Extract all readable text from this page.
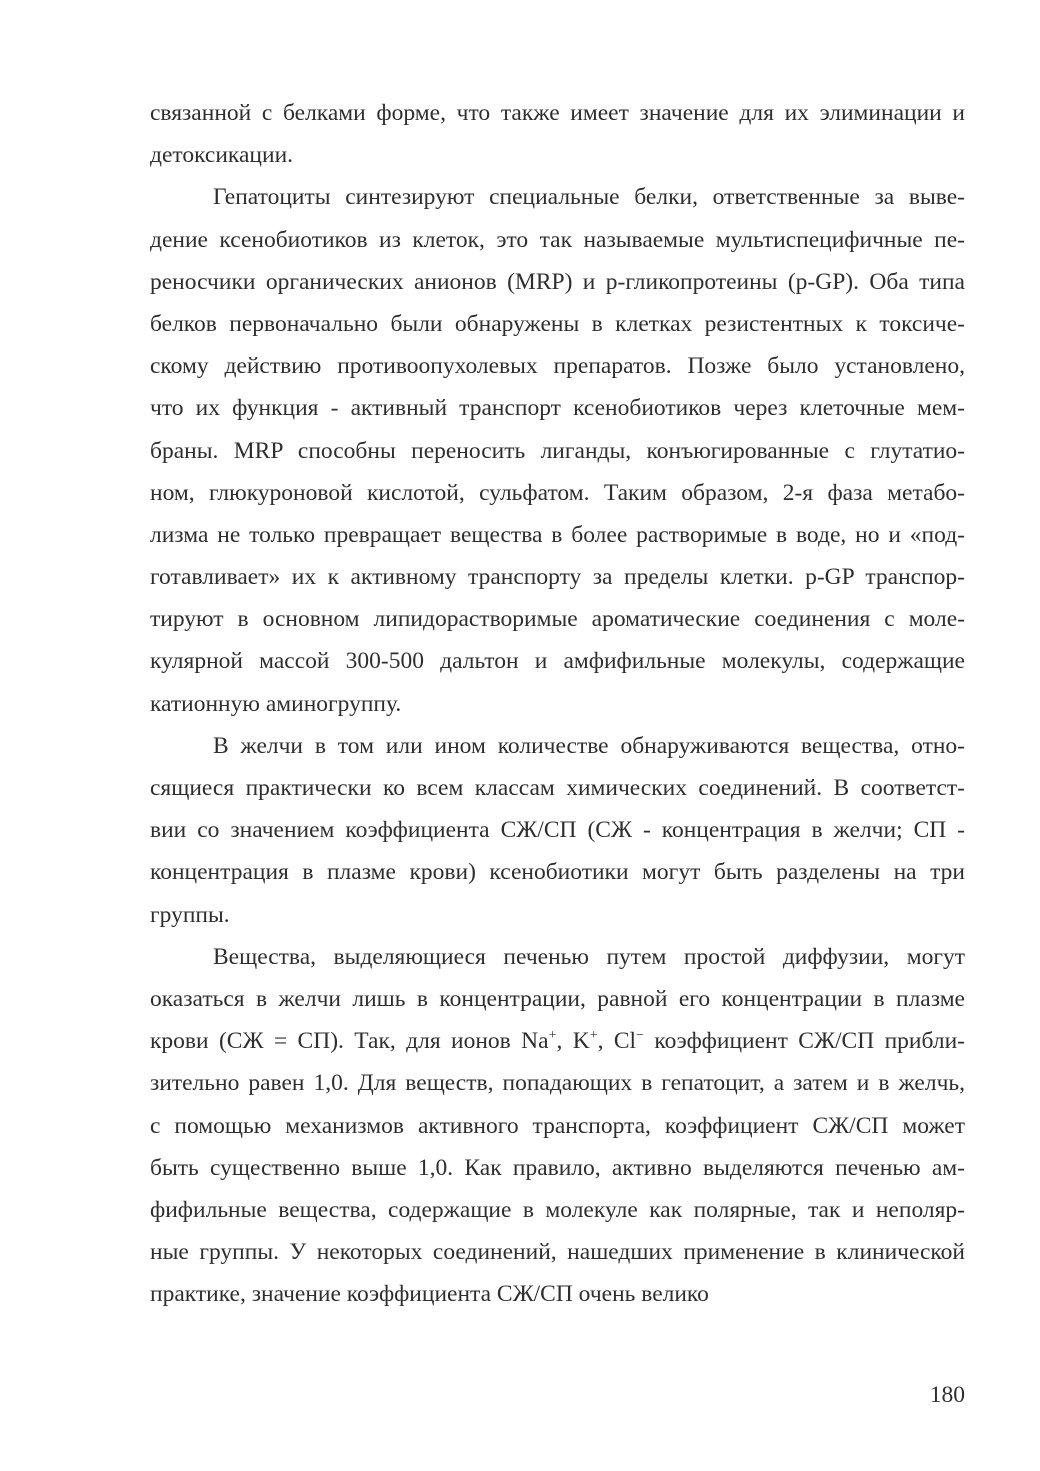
связанной с белками форме, что также имеет значение для их элиминации и
детоксикации.
Гепатоциты синтезируют специальные белки, ответственные за выве-
дение ксенобиотиков из клеток, это так называемые мультиспецифичные пе-
реносчики органических анионов (MRP) и p-гликопротеины (p-GP). Оба типа
белков первоначально были обнаружены в клетках резистентных к токсиче-
скому действию противоопухолевых препаратов. Позже было установлено,
что их функция - активный транспорт ксенобиотиков через клеточные мем-
браны. MRP способны переносить лиганды, конъюгированные с глутатио-
ном, глюкуроновой кислотой, сульфатом. Таким образом, 2-я фаза метабо-
лизма не только превращает вещества в более растворимые в воде, но и «под-
готавливает» их к активному транспорту за пределы клетки. p-GP транспор-
тируют в основном липидорастворимые ароматические соединения с моле-
кулярной массой 300-500 дальтон и амфифильные молекулы, содержащие
катионную аминогруппу.
В желчи в том или ином количестве обнаруживаются вещества, отно-
сящиеся практически ко всем классам химических соединений. В соответст-
вии со значением коэффициента СЖ/СП (СЖ - концентрация в желчи; СП -
концентрация в плазме крови) ксенобиотики могут быть разделены на три
группы.
Вещества, выделяющиеся печенью путем простой диффузии, могут
оказаться в желчи лишь в концентрации, равной его концентрации в плазме
крови (СЖ = СП). Так, для ионов Na+, K+, Cl− коэффициент СЖ/СП прибли-
зительно равен 1,0. Для веществ, попадающих в гепатоцит, а затем и в желчь,
с помощью механизмов активного транспорта, коэффициент СЖ/СП может
быть существенно выше 1,0. Как правило, активно выделяются печенью ам-
фифильные вещества, содержащие в молекуле как полярные, так и неполяр-
ные группы. У некоторых соединений, нашедших применение в клинической
практике, значение коэффициента СЖ/СП очень велико
180
